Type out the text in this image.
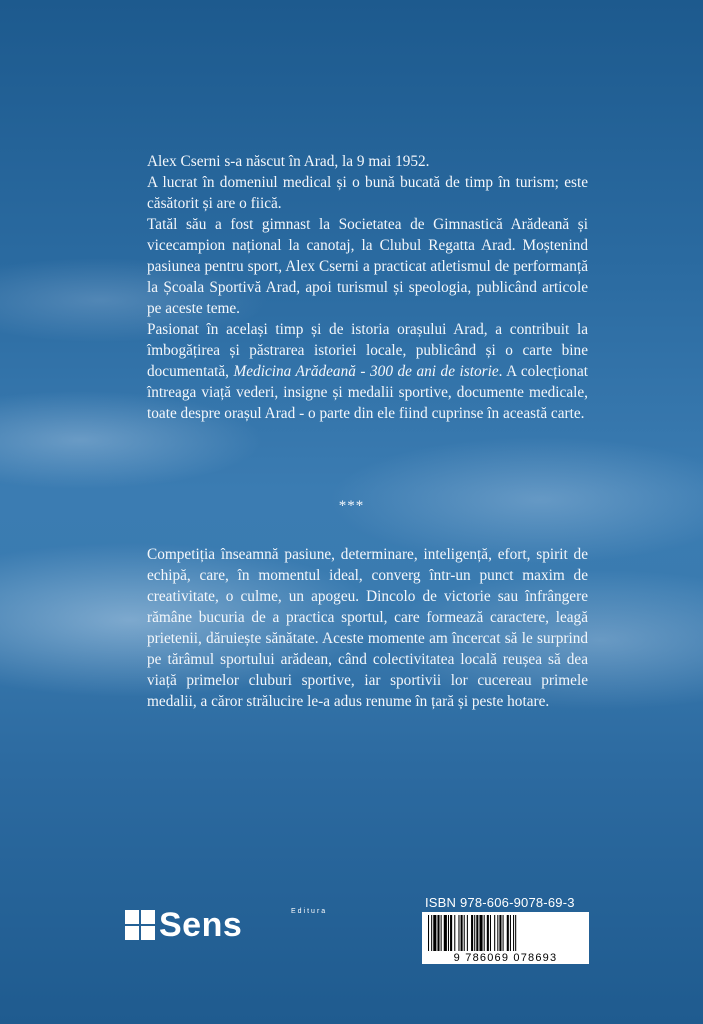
Alex Cserni s-a născut în Arad, la 9 mai 1952.

A lucrat în domeniul medical și o bună bucată de timp în turism; este căsătorit și are o fiică.

Tatăl său a fost gimnast la Societatea de Gimnastică Arădeană și vicecampion național la canotaj, la Clubul Regatta Arad. Moștenind pasiunea pentru sport, Alex Cserni a practicat atletismul de performanță la Școala Sportivă Arad, apoi turismul și speologia, publicând articole pe aceste teme.

Pasionat în același timp și de istoria orașului Arad, a contribuit la îmbogățirea și păstrarea istoriei locale, publicând și o carte bine documentată, Medicina Arădeană - 300 de ani de istorie. A colecționat întreaga viață vederi, insigne și medalii sportive, documente medicale, toate despre orașul Arad - o parte din ele fiind cuprinse în această carte.

***

Competiția înseamnă pasiune, determinare, inteligență, efort, spirit de echipă, care, în momentul ideal, converg într-un punct maxim de creativitate, o culme, un apogeu. Dincolo de victorie sau înfrângere rămâne bucuria de a practica sportul, care formează caractere, leagă prietenii, dăruiește sănătate. Aceste momente am încercat să le surprind pe tărâmul sportului arădean, când colectivitatea locală reușea să dea viață primelor cluburi sportive, iar sportivii lor cucereau primele medalii, a căror strălucire le-a adus renume în țară și peste hotare.

Sens	Editura
ISBN 978-606-9078-69-3
9 786069 078693
